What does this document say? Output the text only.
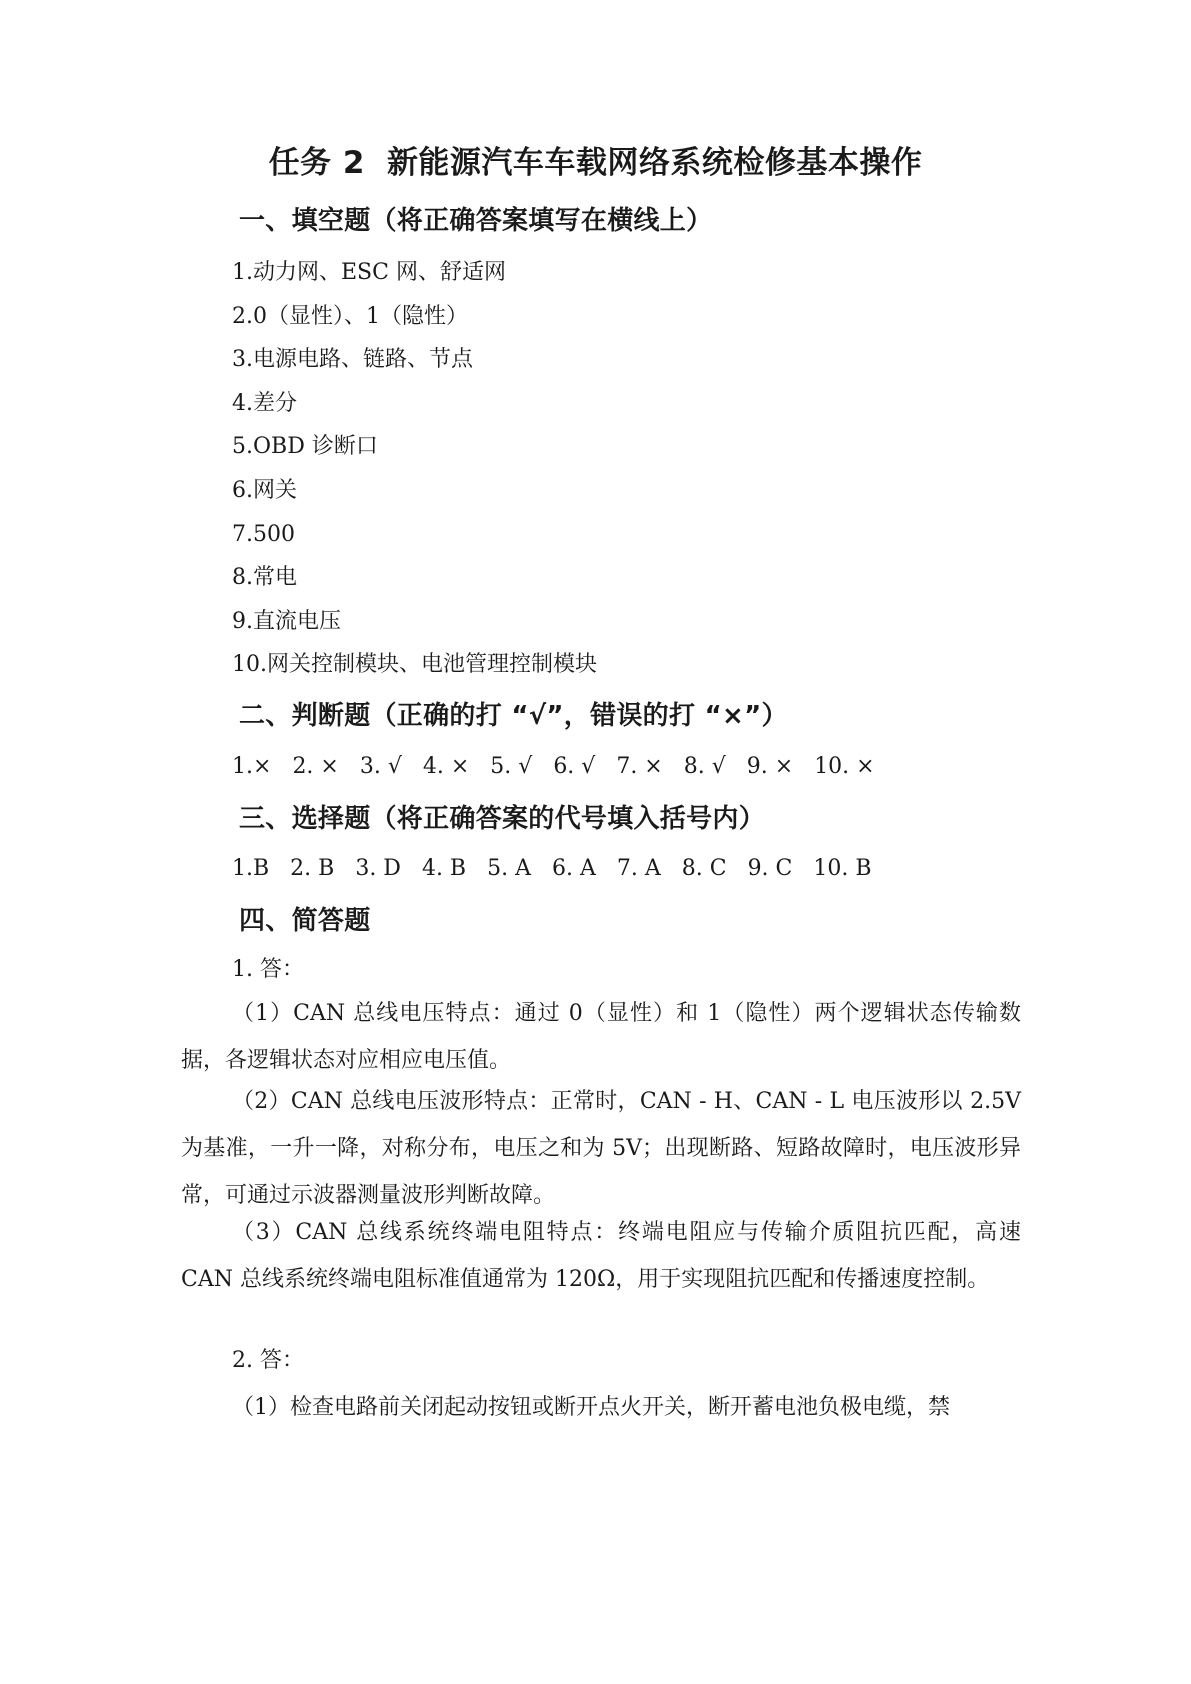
任务 2 新能源汽车车载网络系统检修基本操作
一、填空题（将正确答案填写在横线上）
1.动力网、ESC 网、舒适网
2.0（显性）、1（隐性）
3.电源电路、链路、节点
4.差分
5.OBD 诊断口
6.网关
7.500
8.常电
9.直流电压
10.网关控制模块、电池管理控制模块
二、判断题（正确的打 “√”，错误的打 “×”）
1.× 2. × 3. √ 4. × 5. √ 6. √ 7. × 8. √ 9. × 10. ×
三、选择题（将正确答案的代号填入括号内）
1.B 2. B 3. D 4. B 5. A 6. A 7. A 8. C 9. C 10. B
四、简答题
1. 答：

（1）CAN 总线电压特点：通过 0（显性）和 1（隐性）两个逻辑状态传输数据，各逻辑状态对应相应电压值。

（2）CAN 总线电压波形特点：正常时，CAN - H、CAN - L 电压波形以 2.5V 为基准，一升一降，对称分布，电压之和为 5V；出现断路、短路故障时，电压波形异常，可通过示波器测量波形判断故障。

（3）CAN 总线系统终端电阻特点：终端电阻应与传输介质阻抗匹配，高速 CAN 总线系统终端电阻标准值通常为 120Ω，用于实现阻抗匹配和传播速度控制。

2. 答：

（1）检查电路前关闭起动按钮或断开点火开关，断开蓄电池负极电缆，禁
